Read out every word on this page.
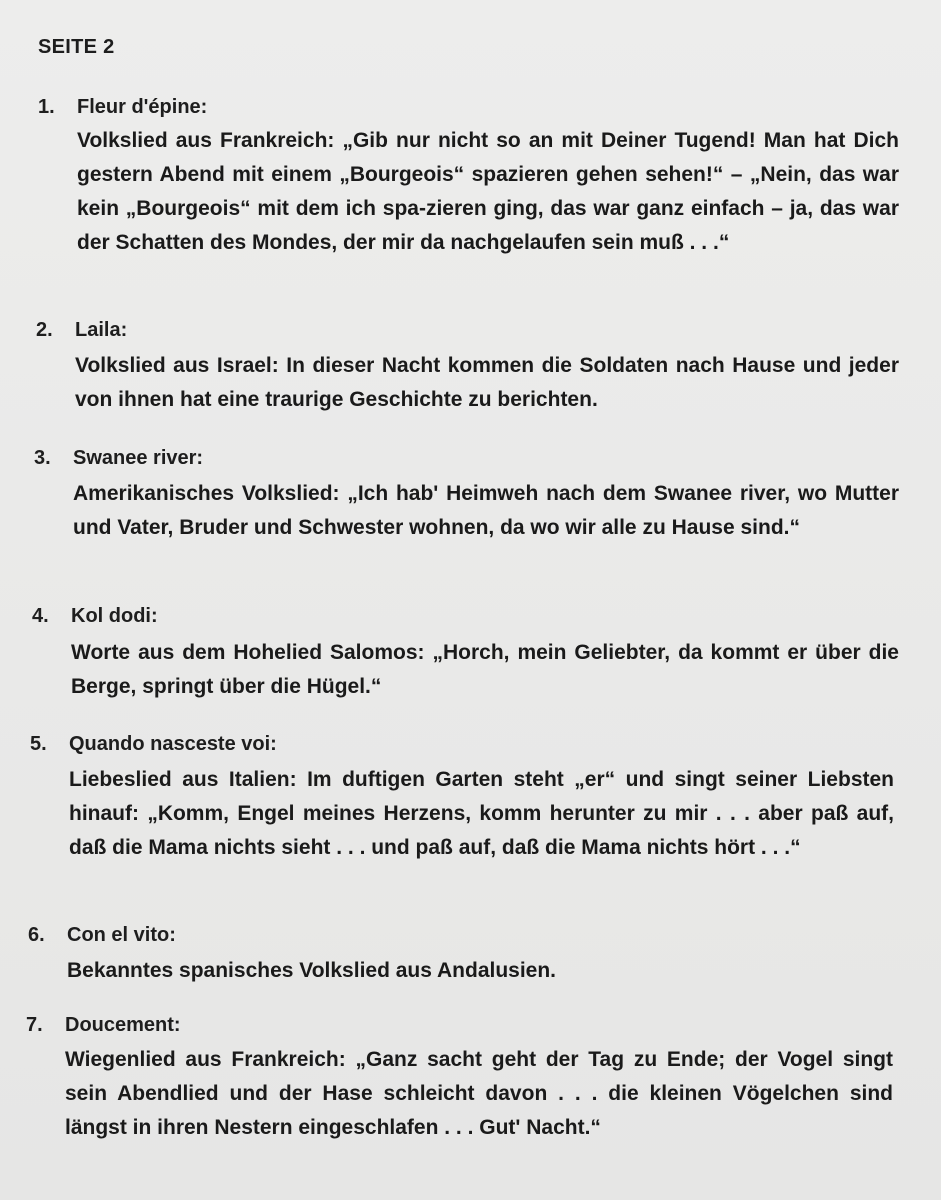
SEITE 2
1. Fleur d'épine:
Volkslied aus Frankreich: „Gib nur nicht so an mit Deiner Tugend! Man hat Dich gestern Abend mit einem „Bourgeois“ spazieren gehen sehen!“ – „Nein, das war kein „Bourgeois“ mit dem ich spa-zieren ging, das war ganz einfach – ja, das war der Schatten des Mondes, der mir da nachgelaufen sein muß . . .“
2. Laila:
Volkslied aus Israel: In dieser Nacht kommen die Soldaten nach Hause und jeder von ihnen hat eine traurige Geschichte zu berichten.
3. Swanee river:
Amerikanisches Volkslied: „Ich hab' Heimweh nach dem Swanee river, wo Mutter und Vater, Bruder und Schwester wohnen, da wo wir alle zu Hause sind.“
4. Kol dodi:
Worte aus dem Hohelied Salomos: „Horch, mein Geliebter, da kommt er über die Berge, springt über die Hügel.“
5. Quando nasceste voi:
Liebeslied aus Italien: Im duftigen Garten steht „er“ und singt seiner Liebsten hinauf: „Komm, Engel meines Herzens, komm herunter zu mir . . . aber paß auf, daß die Mama nichts sieht . . . und paß auf, daß die Mama nichts hört . . .“
6. Con el vito:
Bekanntes spanisches Volkslied aus Andalusien.
7. Doucement:
Wiegenlied aus Frankreich: „Ganz sacht geht der Tag zu Ende; der Vogel singt sein Abendlied und der Hase schleicht davon . . . die kleinen Vögelchen sind längst in ihren Nestern eingeschlafen . . . Gut' Nacht.“
